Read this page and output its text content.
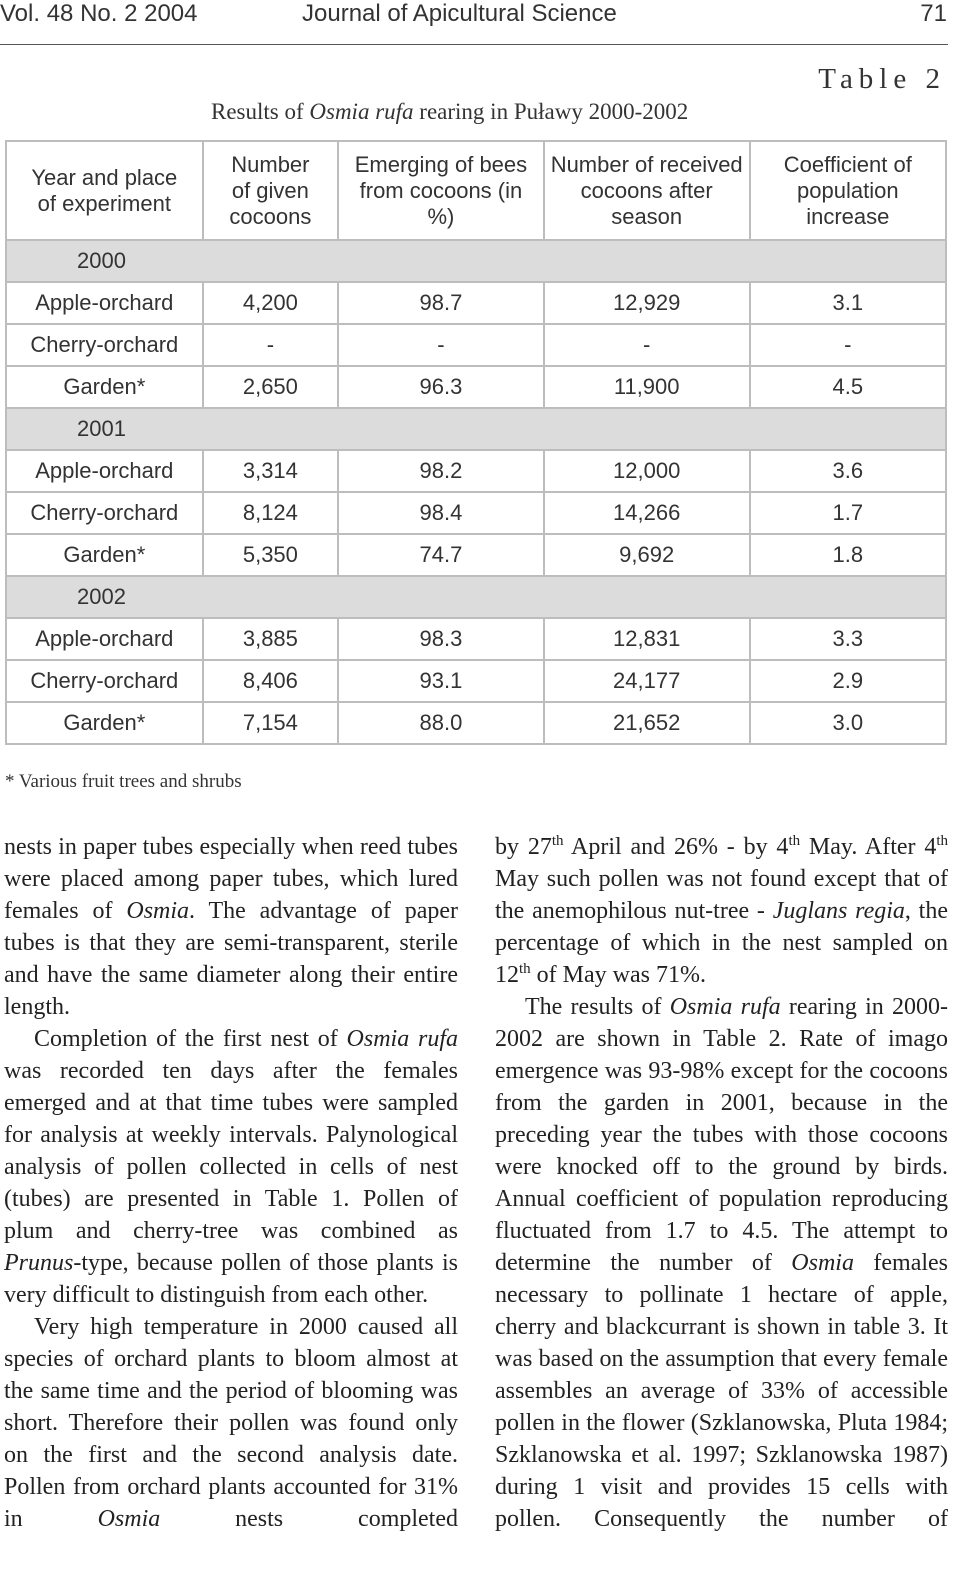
Vol. 48 No. 2 2004	Journal of Apicultural Science	71
Table 2
Results of Osmia rufa rearing in Puławy 2000-2002
Year and place of experiment	Number of given cocoons	Emerging of bees from cocoons (in %)	Number of received cocoons after season	Coefficient of population increase

2000				
Apple-orchard	4,200	98.7	12,929	3.1
Cherry-orchard	-	-	-	-
Garden*	2,650	96.3	11,900	4.5
2001				
Apple-orchard	3,314	98.2	12,000	3.6
Cherry-orchard	8,124	98.4	14,266	1.7
Garden*	5,350	74.7	9,692	1.8
2002				
Apple-orchard	3,885	98.3	12,831	3.3
Cherry-orchard	8,406	93.1	24,177	2.9
Garden*	7,154	88.0	21,652	3.0
* Various fruit trees and shrubs

nests in paper tubes especially when reed tubes were placed among paper tubes, which lured females of Osmia. The advantage of paper tubes is that they are semi-transparent, sterile and have the same diameter along their entire length.

Completion of the first nest of Osmia rufa was recorded ten days after the females emerged and at that time tubes were sampled for analysis at weekly intervals. Palynological analysis of pollen collected in cells of nest (tubes) are presented in Table 1. Pollen of plum and cherry-tree was combined as Prunus-type, because pollen of those plants is very difficult to distinguish from each other.

Very high temperature in 2000 caused all species of orchard plants to bloom almost at the same time and the period of blooming was short. Therefore their pollen was found only on the first and the second analysis date. Pollen from orchard plants accounted for 31% in Osmia nests completed

by 27th April and 26% - by 4th May. After 4th May such pollen was not found except that of the anemophilous nut-tree - Juglans regia, the percentage of which in the nest sampled on 12th of May was 71%.

The results of Osmia rufa rearing in 2000-2002 are shown in Table 2. Rate of imago emergence was 93-98% except for the cocoons from the garden in 2001, because in the preceding year the tubes with those cocoons were knocked off to the ground by birds. Annual coefficient of population reproducing fluctuated from 1.7 to 4.5. The attempt to determine the number of Osmia females necessary to pollinate 1 hectare of apple, cherry and blackcurrant is shown in table 3. It was based on the assumption that every female assembles an average of 33% of accessible pollen in the flower (Szklanowska, Pluta 1984; Szklanowska et al. 1997; Szklanowska 1987) during 1 visit and provides 15 cells with pollen. Consequently the number of
